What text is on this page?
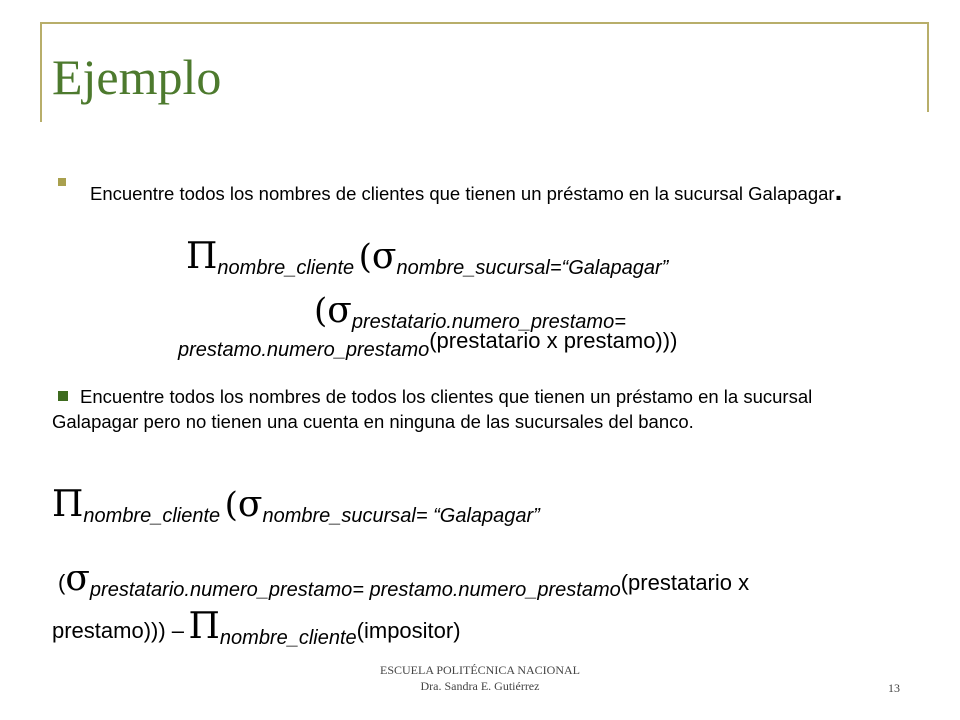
Ejemplo
Encuentre todos los nombres de clientes que tienen un préstamo en la sucursal Galapagar.
Πnombre_cliente (σnombre_sucursal=“Galapagar”
(σprestatario.numero_prestamo=
prestamo.numero_prestamo(prestatario x prestamo)))
Encuentre todos los nombres de todos los clientes que tienen un préstamo en la sucursal Galapagar pero no tienen una cuenta en ninguna de las sucursales del banco.
Πnombre_cliente (σnombre_sucursal= “Galapagar”
(σprestatario.numero_prestamo= prestamo.numero_prestamo(prestatario x
prestamo))) – Πnombre_cliente(impositor)
ESCUELA POLITÉCNICA NACIONAL
Dra. Sandra E. Gutiérrez	13
